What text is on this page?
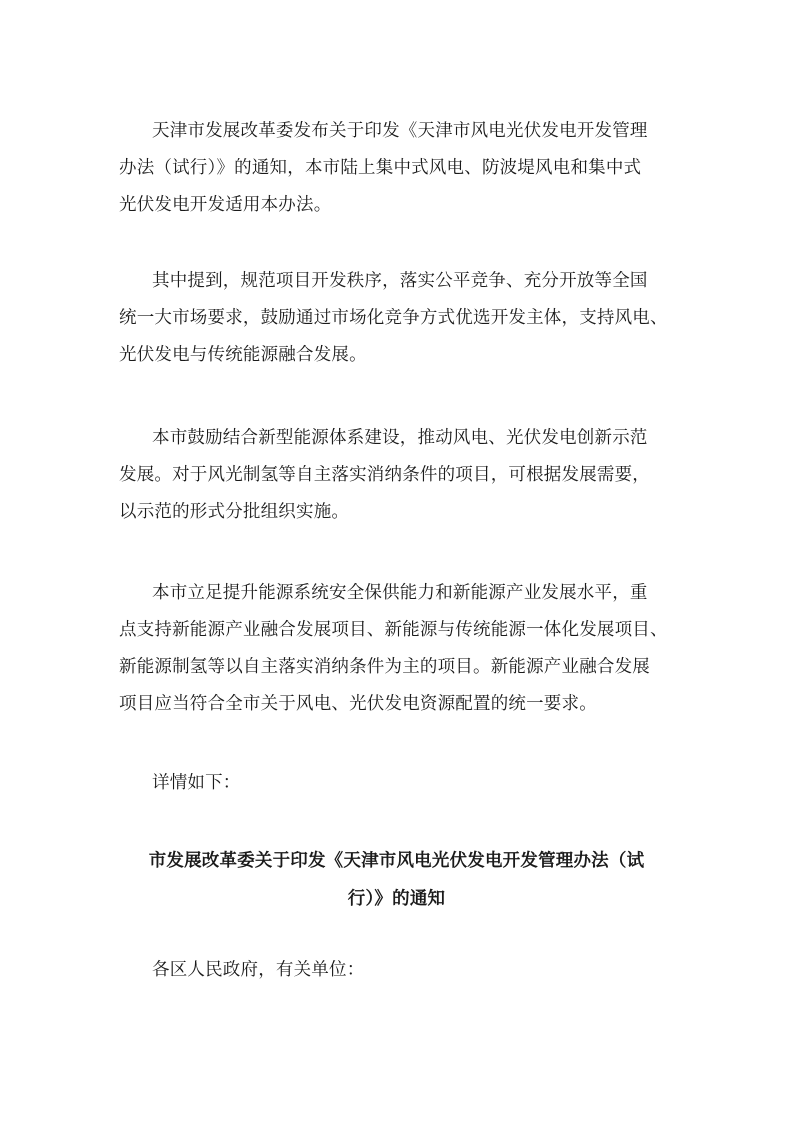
天津市发展改革委发布关于印发《天津市风电光伏发电开发管理
办法（试行）》的通知，本市陆上集中式风电、防波堤风电和集中式
光伏发电开发适用本办法。
其中提到，规范项目开发秩序，落实公平竞争、充分开放等全国
统一大市场要求，鼓励通过市场化竞争方式优选开发主体，支持风电、
光伏发电与传统能源融合发展。
本市鼓励结合新型能源体系建设，推动风电、光伏发电创新示范
发展。对于风光制氢等自主落实消纳条件的项目，可根据发展需要，
以示范的形式分批组织实施。
本市立足提升能源系统安全保供能力和新能源产业发展水平，重
点支持新能源产业融合发展项目、新能源与传统能源一体化发展项目、
新能源制氢等以自主落实消纳条件为主的项目。新能源产业融合发展
项目应当符合全市关于风电、光伏发电资源配置的统一要求。
详情如下：
市发展改革委关于印发《天津市风电光伏发电开发管理办法（试
行）》的通知
各区人民政府，有关单位：
